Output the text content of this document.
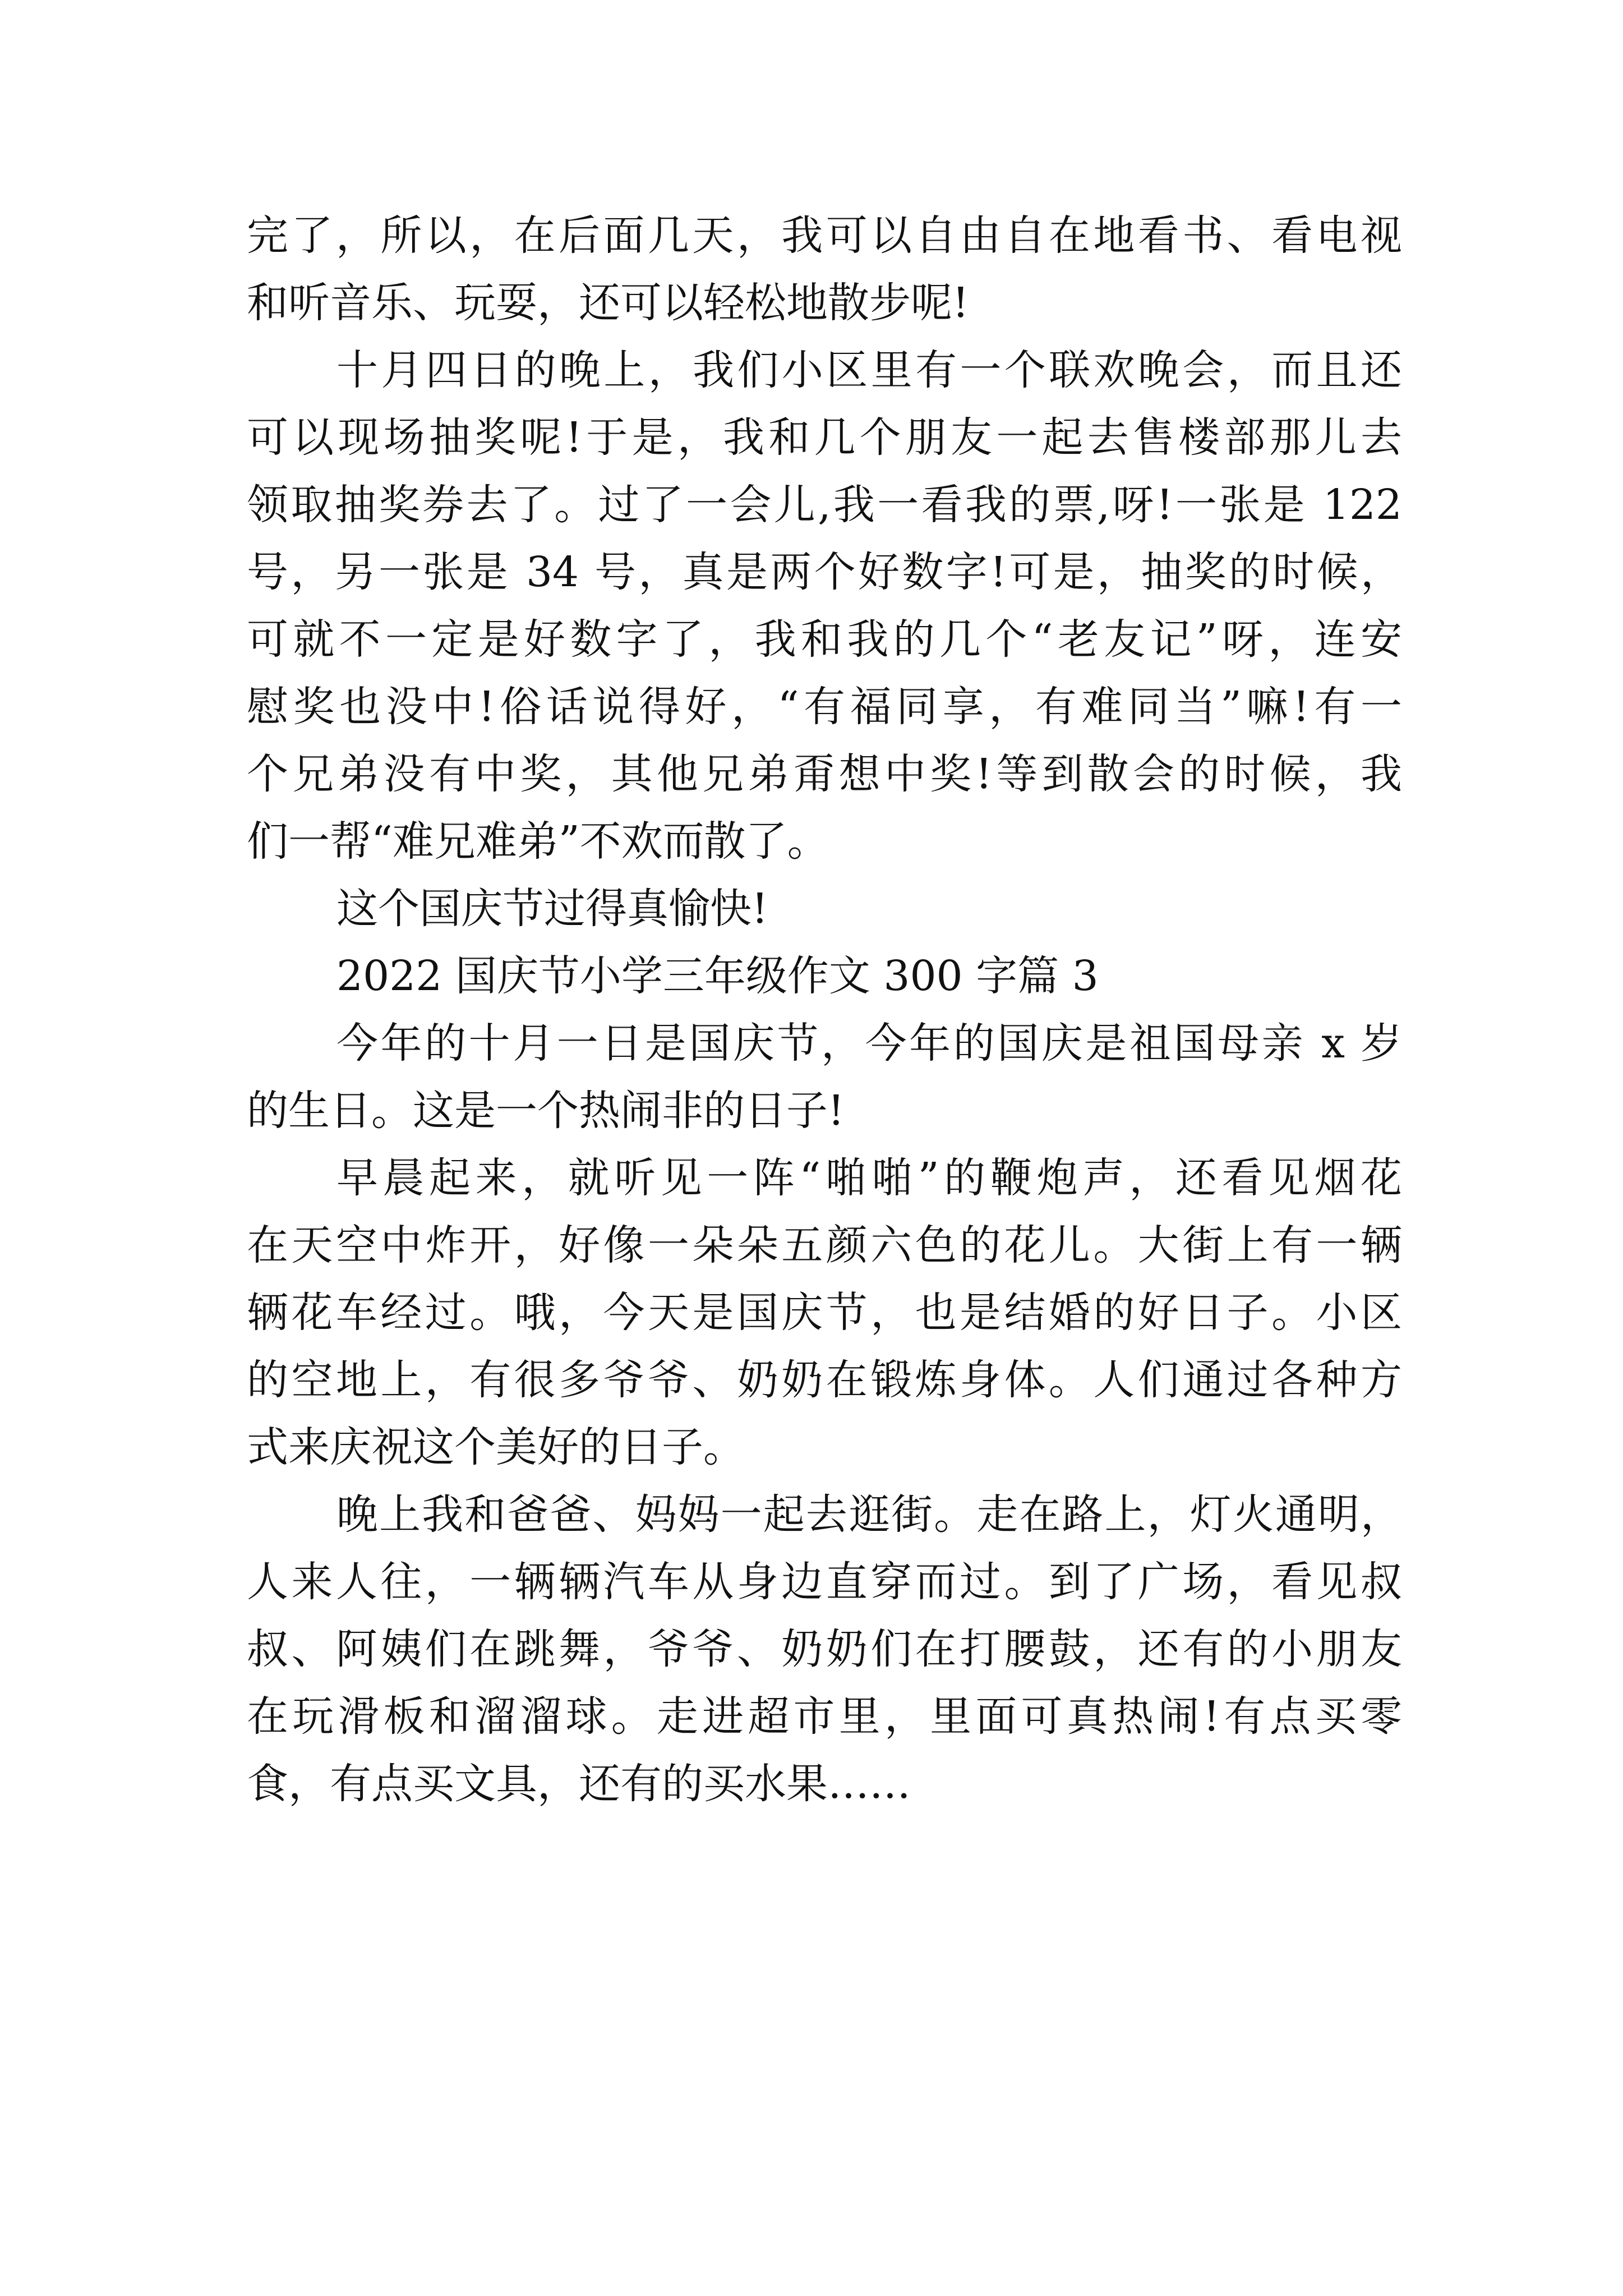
完了，所以，在后面几天，我可以自由自在地看书、看电视
和听音乐、玩耍，还可以轻松地散步呢!
十月四日的晚上，我们小区里有一个联欢晚会，而且还
可以现场抽奖呢!于是，我和几个朋友一起去售楼部那儿去
领取抽奖券去了。过了一会儿,我一看我的票,呀!一张是 122
号，另一张是 34 号，真是两个好数字!可是，抽奖的时候，
可就不一定是好数字了，我和我的几个“老友记”呀，连安
慰奖也没中!俗话说得好，“有福同享，有难同当”嘛!有一
个兄弟没有中奖，其他兄弟甭想中奖!等到散会的时候，我
们一帮“难兄难弟”不欢而散了。
这个国庆节过得真愉快!
2022 国庆节小学三年级作文 300 字篇 3
今年的十月一日是国庆节，今年的国庆是祖国母亲 x 岁
的生日。这是一个热闹非的日子!
早晨起来，就听见一阵“啪啪”的鞭炮声，还看见烟花
在天空中炸开，好像一朵朵五颜六色的花儿。大街上有一辆
辆花车经过。哦，今天是国庆节，也是结婚的好日子。小区
的空地上，有很多爷爷、奶奶在锻炼身体。人们通过各种方
式来庆祝这个美好的日子。
晚上我和爸爸、妈妈一起去逛街。走在路上，灯火通明，
人来人往，一辆辆汽车从身边直穿而过。到了广场，看见叔
叔、阿姨们在跳舞，爷爷、奶奶们在打腰鼓，还有的小朋友
在玩滑板和溜溜球。走进超市里，里面可真热闹!有点买零
食，有点买文具，还有的买水果……
